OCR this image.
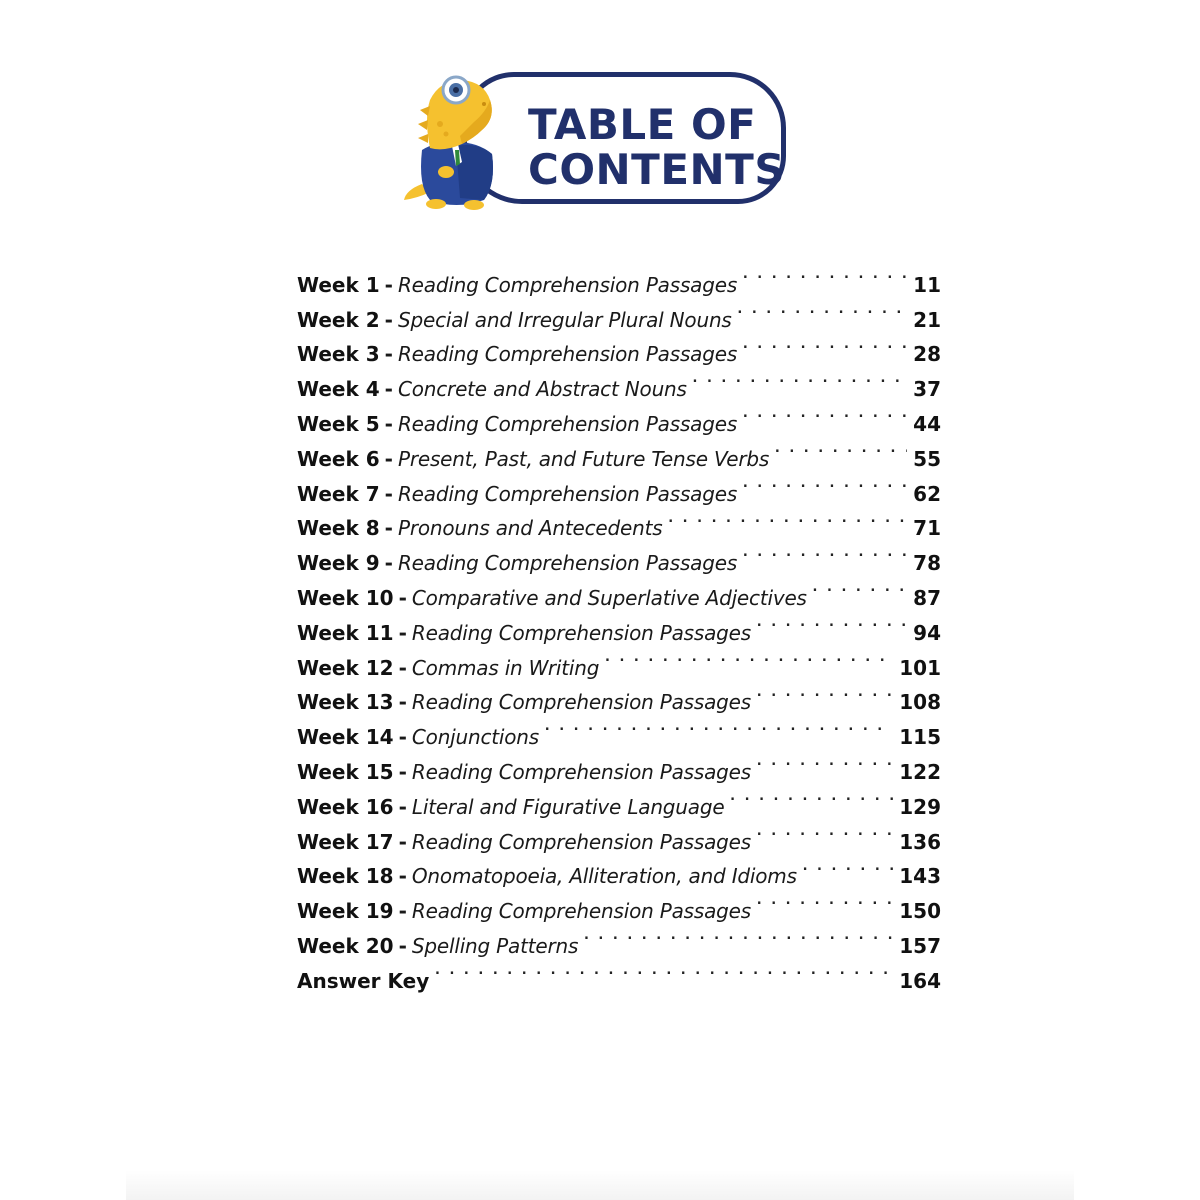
TABLE OF
CONTENTS
Week 1 - Reading Comprehension Passages . . .	11
Week 2 - Special and Irregular Plural Nouns . . .	21
Week 3 - Reading Comprehension Passages . . .	28
Week 4 - Concrete and Abstract Nouns . . .	37
Week 5 - Reading Comprehension Passages . . .	44
Week 6 - Present, Past, and Future Tense Verbs . . .	55
Week 7 - Reading Comprehension Passages . . .	62
Week 8 - Pronouns and Antecedents . . .	71
Week 9 - Reading Comprehension Passages . . .	78
Week 10 - Comparative and Superlative Adjectives . . .	87
Week 11 - Reading Comprehension Passages . . .	94
Week 12 - Commas in Writing . . .	101
Week 13 - Reading Comprehension Passages . . .	108
Week 14 - Conjunctions . . .	115
Week 15 - Reading Comprehension Passages . . .	122
Week 16 - Literal and Figurative Language . . .	129
Week 17 - Reading Comprehension Passages . . .	136
Week 18 - Onomatopoeia, Alliteration, and Idioms . . .	143
Week 19 - Reading Comprehension Passages . . .	150
Week 20 - Spelling Patterns . . .	157
Answer Key . . .	164
